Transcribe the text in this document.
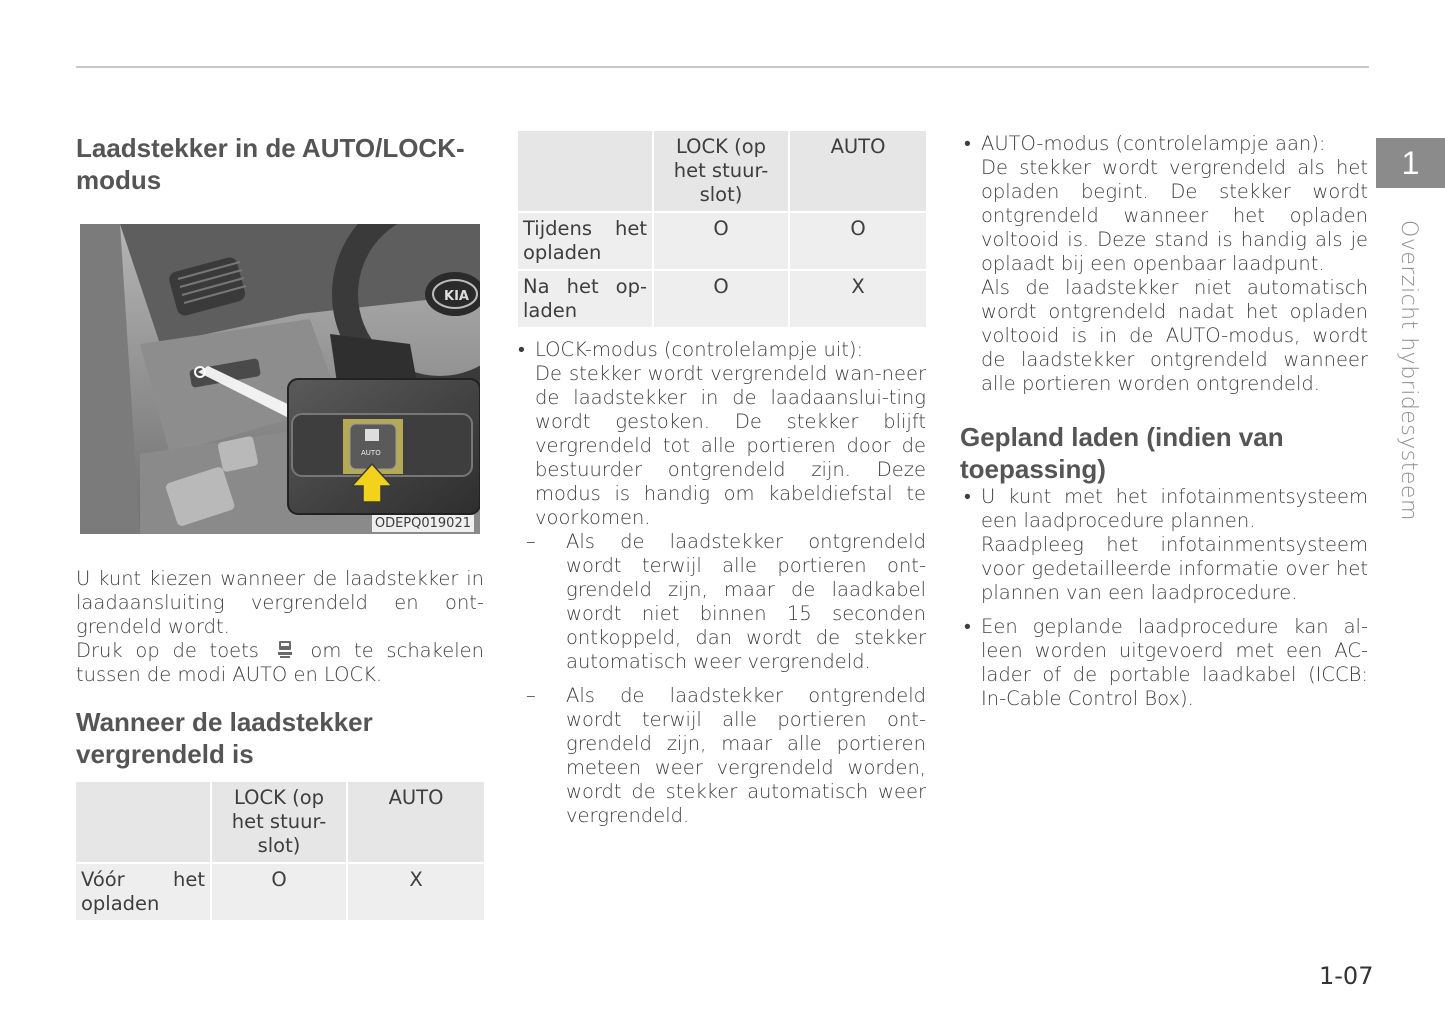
Laadstekker in de AUTO/LOCK-modus
KIA
AUTO
ODEPQ019021

U kunt kiezen wanneer de laadstekker in laadaansluiting vergrendeld en ont-grendeld wordt.

Druk op de toets	om te schakelen tussen de modi AUTO en LOCK.

Wanneer de laadstekker vergrendeld is
	LOCK (op het stuur-slot)	AUTO
Vóór het opladen	O	X
	LOCK (op het stuur-slot)	AUTO
Tijdens het opladen	O	O
Na het op-laden	O	X
• LOCK-modus (controlelampje uit):
De stekker wordt vergrendeld wan-neer de laadstekker in de laadaanslui-ting wordt gestoken. De stekker blijft vergrendeld tot alle portieren door de bestuurder ontgrendeld zijn. Deze modus is handig om kabeldiefstal te voorkomen.
– Als de laadstekker ontgrendeld wordt terwijl alle portieren ont-grendeld zijn, maar de laadkabel wordt niet binnen 15 seconden ontkoppeld, dan wordt de stekker automatisch weer vergrendeld.
– Als de laadstekker ontgrendeld wordt terwijl alle portieren ont-grendeld zijn, maar alle portieren meteen weer vergrendeld worden, wordt de stekker automatisch weer vergrendeld.
• AUTO-modus (controlelampje aan):
De stekker wordt vergrendeld als het opladen begint. De stekker wordt ontgrendeld wanneer het opladen voltooid is. Deze stand is handig als je oplaadt bij een openbaar laadpunt.
Als de laadstekker niet automatisch wordt ontgrendeld nadat het opladen voltooid is in de AUTO-modus, wordt de laadstekker ontgrendeld wanneer alle portieren worden ontgrendeld.
Gepland laden (indien van toepassing)
• U kunt met het infotainmentsysteem een laadprocedure plannen.
Raadpleeg het infotainmentsysteem voor gedetailleerde informatie over het plannen van een laadprocedure.
• Een geplande laadprocedure kan al-leen worden uitgevoerd met een AC-lader of de portable laadkabel (ICCB: In-Cable Control Box).
1
Overzicht hybridesysteem
1-07
